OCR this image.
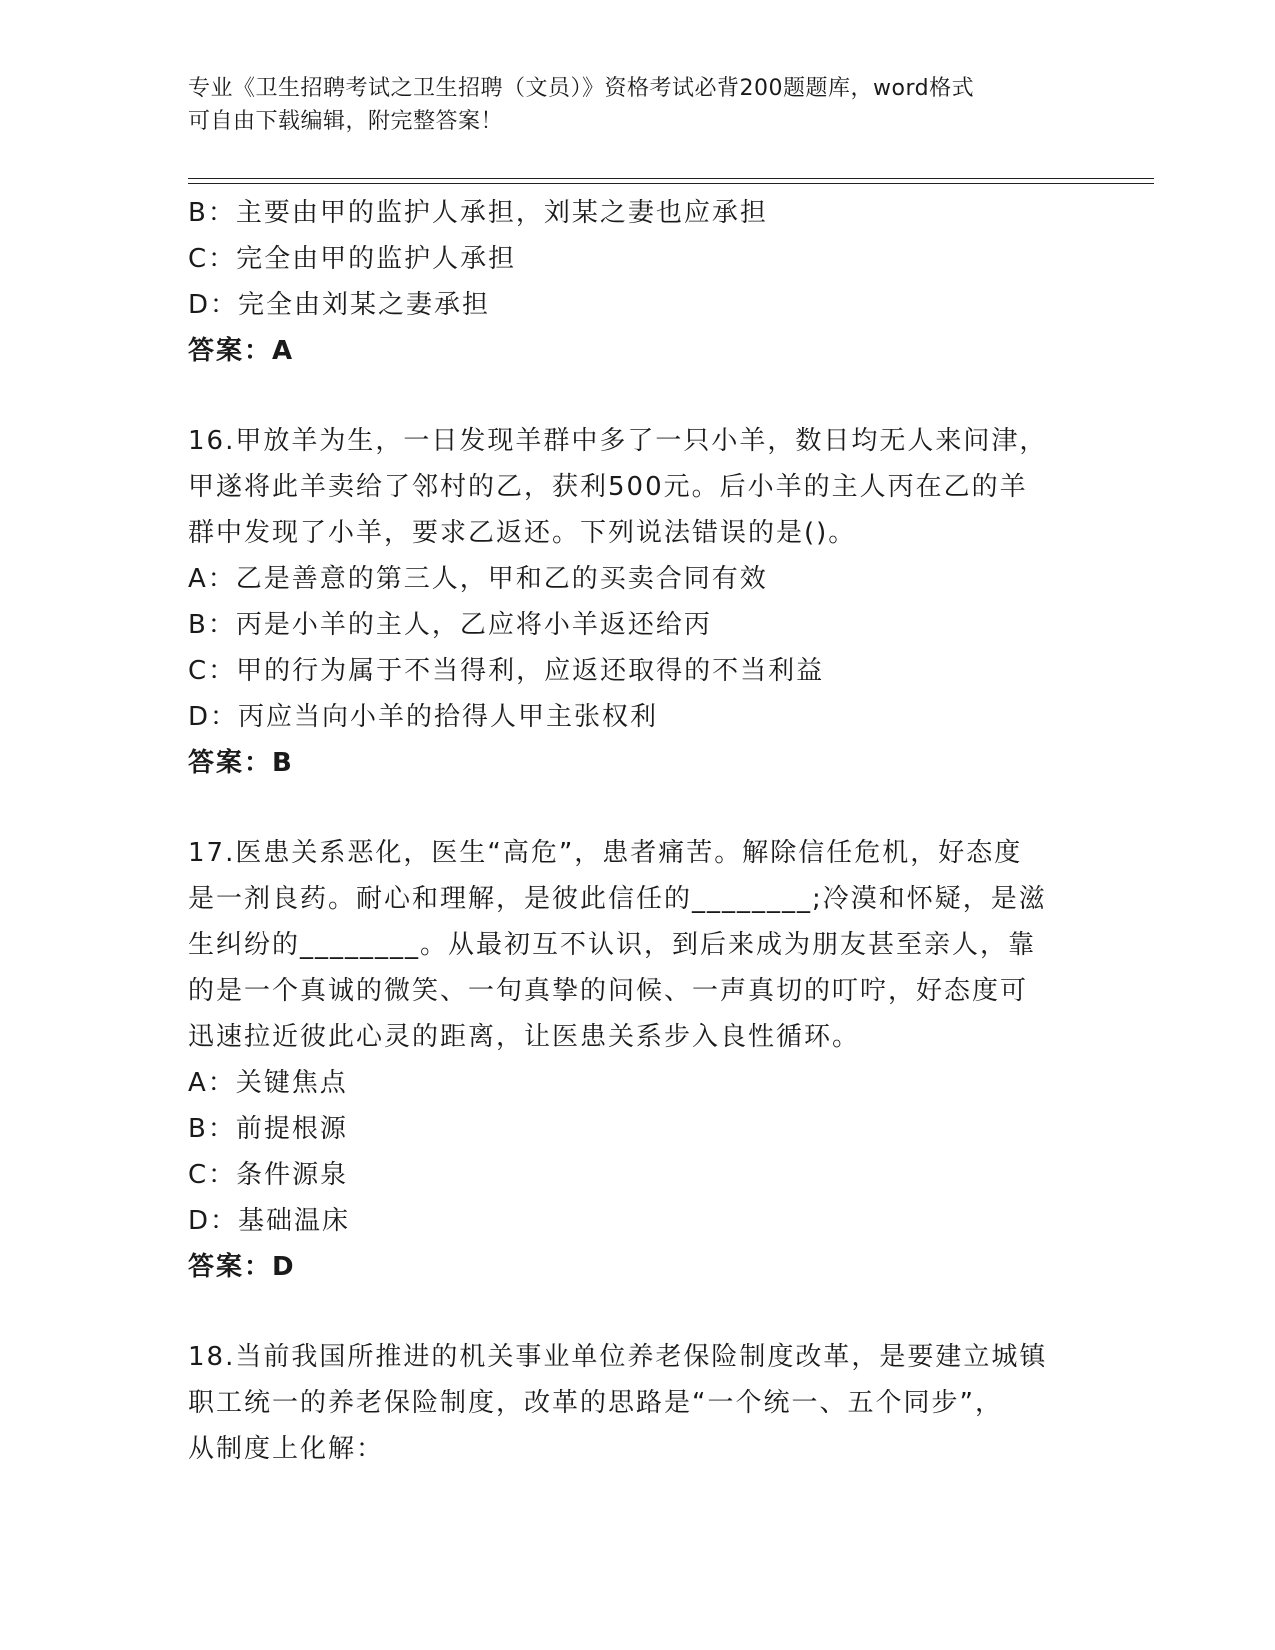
专业《卫生招聘考试之卫生招聘（文员）》资格考试必背200题题库，word格式
可自由下载编辑，附完整答案！
B：主要由甲的监护人承担，刘某之妻也应承担
C：完全由甲的监护人承担
D：完全由刘某之妻承担
答案：A
16.甲放羊为生，一日发现羊群中多了一只小羊，数日均无人来问津，
甲遂将此羊卖给了邻村的乙，获利500元。后小羊的主人丙在乙的羊
群中发现了小羊，要求乙返还。下列说法错误的是()。
A：乙是善意的第三人，甲和乙的买卖合同有效
B：丙是小羊的主人，乙应将小羊返还给丙
C：甲的行为属于不当得利，应返还取得的不当利益
D：丙应当向小羊的拾得人甲主张权利
答案：B
17.医患关系恶化，医生“高危”，患者痛苦。解除信任危机，好态度
是一剂良药。耐心和理解，是彼此信任的________;冷漠和怀疑，是滋
生纠纷的________。从最初互不认识，到后来成为朋友甚至亲人，靠
的是一个真诚的微笑、一句真挚的问候、一声真切的叮咛，好态度可
迅速拉近彼此心灵的距离，让医患关系步入良性循环。
A：关键焦点
B：前提根源
C：条件源泉
D：基础温床
答案：D
18.当前我国所推进的机关事业单位养老保险制度改革，是要建立城镇
职工统一的养老保险制度，改革的思路是“一个统一、五个同步”，
从制度上化解：
